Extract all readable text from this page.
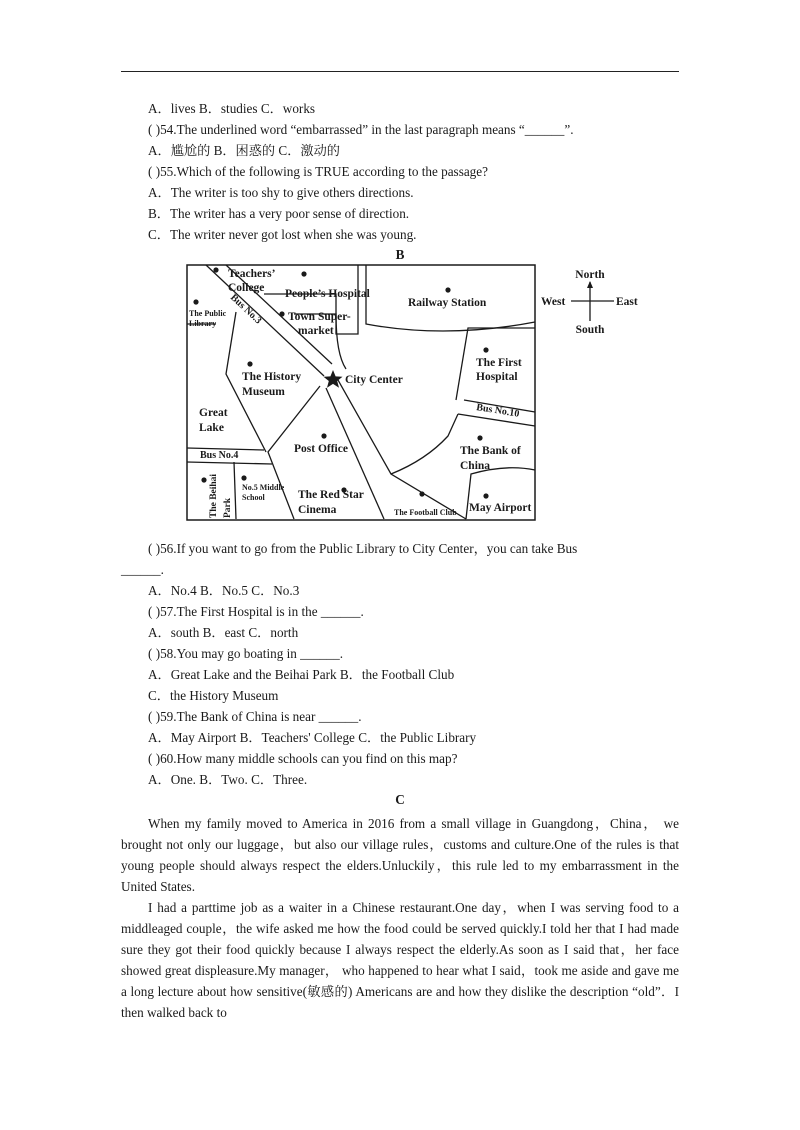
A．lives B．studies C．works
( )54.The underlined word “embarrassed” in the last paragraph means “______”.
A．尴尬的 B．困惑的 C．激动的
( )55.Which of the following is TRUE according to the passage?
A．The writer is too shy to give others directions.
B．The writer has a very poor sense of direction.
C．The writer never got lost when she was young.
B
Teachers’
College People’s Hospital
Railway Station
The Public
Library
Town Super-
market
The First
Hospital
The History
Museum
City Center
Great
Lake
Post Office	The Bank of
China
The Beihai Park
No.5 Middle
School	The Red Star
Cinema	The Football Club May Airport
Bus No.3
Bus No.4
Bus No.10
North
South
West	East
( )56.If you want to go from the Public Library to City Center，you can take Bus
______.
A．No.4 B．No.5 C．No.3
( )57.The First Hospital is in the ______.
A．south B．east C．north
( )58.You may go boating in ______.
A．Great Lake and the Beihai Park B．the Football Club
C．the History Museum
( )59.The Bank of China is near ______.
A．May Airport B．Teachers' College C．the Public Library
( )60.How many middle schools can you find on this map?
A．One. B．Two. C．Three.
C

When my family moved to America in 2016 from a small village in Guangdong，China， we brought not only our luggage，but also our village rules，customs and culture.One of the rules is that young people should always respect the elders.Unluckily，this rule led to my embarrassment in the United States.

I had a parttime job as a waiter in a Chinese restaurant.One day，when I was serving food to a middleaged couple，the wife asked me how the food could be served quickly.I told her that I had made sure they got their food quickly because I always respect the elderly.As soon as I said that，her face showed great displeasure.My manager， who happened to hear what I said，took me aside and gave me a long lecture about how sensitive(敏感的) Americans are and how they dislike the description “old”．I then walked back to
